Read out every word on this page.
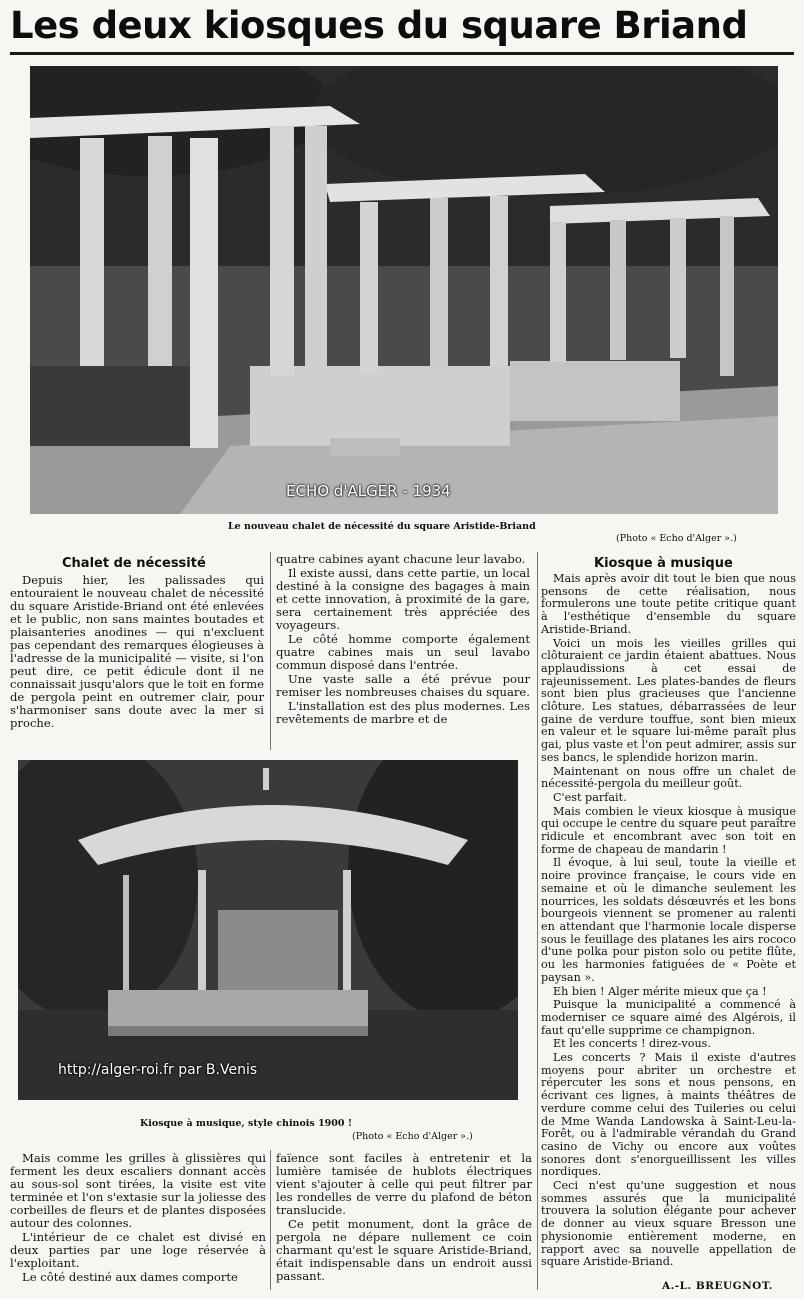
Les deux kiosques du square Briand
ECHO d'ALGER - 1934
Le nouveau chalet de nécessité du square Aristide-Briand
(Photo « Echo d'Alger ».)
Chalet de nécessité

Depuis hier, les palissades qui entouraient le nouveau chalet de nécessité du square Aristide-Briand ont été enlevées et le public, non sans maintes boutades et plaisanteries anodines — qui n'excluent pas cependant des remarques élogieuses à l'adresse de la municipalité — visite, si l'on peut dire, ce petit édicule dont il ne connaissait jusqu'alors que le toit en forme de pergola peint en outremer clair, pour s'harmoniser sans doute avec la mer si proche.

quatre cabines ayant chacune leur lavabo.

Il existe aussi, dans cette partie, un local destiné à la consigne des bagages à main et cette innovation, à proximité de la gare, sera certainement très appréciée des voyageurs.

Le côté homme comporte également quatre cabines mais un seul lavabo commun disposé dans l'entrée.

Une vaste salle a été prévue pour remiser les nombreuses chaises du square.

L'installation est des plus modernes. Les revêtements de marbre et de

http://alger-roi.fr par B.Venis
Kiosque à musique, style chinois 1900 !
(Photo « Echo d'Alger ».)

Mais comme les grilles à glissières qui ferment les deux escaliers donnant accès au sous-sol sont tirées, la visite est vite terminée et l'on s'extasie sur la joliesse des corbeilles de fleurs et de plantes disposées autour des colonnes.

L'intérieur de ce chalet est divisé en deux parties par une loge réservée à l'exploitant.

Le côté destiné aux dames comporte

faïence sont faciles à entretenir et la lumière tamisée de hublots électriques vient s'ajouter à celle qui peut filtrer par les rondelles de verre du plafond de béton translucide.

Ce petit monument, dont la grâce de pergola ne dépare nullement ce coin charmant qu'est le square Aristide-Briand, était indispensable dans un endroit aussi passant.

Kiosque à musique

Mais après avoir dit tout le bien que nous pensons de cette réalisation, nous formulerons une toute petite critique quant à l'esthétique d'ensemble du square Aristide-Briand.

Voici un mois les vieilles grilles qui clôturaient ce jardin étaient abattues. Nous applaudissions à cet essai de rajeunissement. Les plates-bandes de fleurs sont bien plus gracieuses que l'ancienne clôture. Les statues, débarrassées de leur gaine de verdure touffue, sont bien mieux en valeur et le square lui-même paraît plus gai, plus vaste et l'on peut admirer, assis sur ses bancs, le splendide horizon marin.

Maintenant on nous offre un chalet de nécessité-pergola du meilleur goût.

C'est parfait.

Mais combien le vieux kiosque à musique qui occupe le centre du square peut paraître ridicule et encombrant avec son toit en forme de chapeau de mandarin !

Il évoque, à lui seul, toute la vieille et noire province française, le cours vide en semaine et où le dimanche seulement les nourrices, les soldats désœuvrés et les bons bourgeois viennent se promener au ralenti en attendant que l'harmonie locale disperse sous le feuillage des platanes les airs rococo d'une polka pour piston solo ou petite flûte, ou les harmonies fatiguées de « Poète et paysan ».

Eh bien ! Alger mérite mieux que ça !

Puisque la municipalité a commencé à moderniser ce square aimé des Algérois, il faut qu'elle supprime ce champignon.

Et les concerts ! direz-vous.

Les concerts ? Mais il existe d'autres moyens pour abriter un orchestre et répercuter les sons et nous pensons, en écrivant ces lignes, à maints théâtres de verdure comme celui des Tuileries ou celui de Mme Wanda Landowska à Saint-Leu-la-Forêt, ou à l'admirable vérandah du Grand casino de Vichy ou encore aux voûtes sonores dont s'enorgueillissent les villes nordiques.

Ceci n'est qu'une suggestion et nous sommes assurés que la municipalité trouvera la solution élégante pour achever de donner au vieux square Bresson une physionomie entièrement moderne, en rapport avec sa nouvelle appellation de square Aristide-Briand.

A.-L. BREUGNOT.
